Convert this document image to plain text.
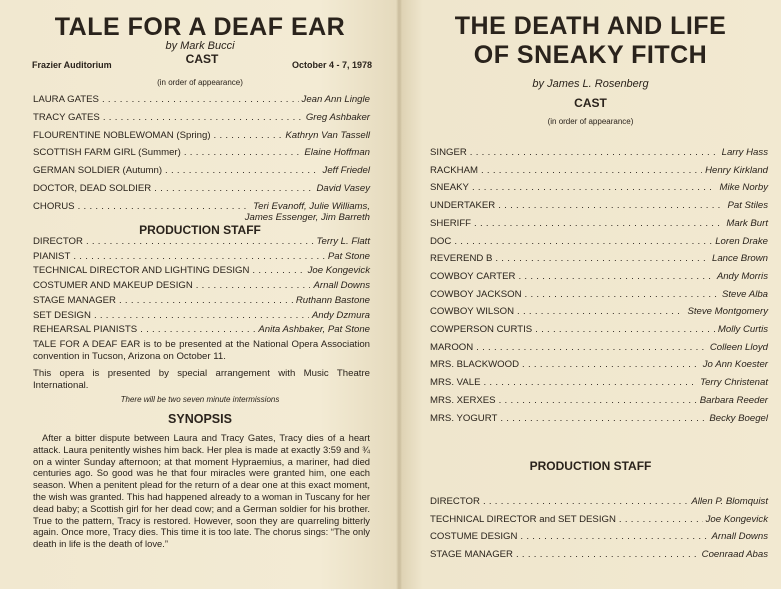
TALE FOR A DEAF EAR
by Mark Bucci
Frazier Auditorium	CAST	October 4 - 7, 1978
(in order of appearance)
LAURA GATES . . .	Jean Ann Lingle
TRACY GATES . . .	Greg Ashbaker
FLOURENTINE NOBLEWOMAN (Spring) . . .	Kathryn Van Tassell
SCOTTISH FARM GIRL (Summer) . . .	Elaine Hoffman
GERMAN SOLDIER (Autumn) . . .	Jeff Friedel
DOCTOR, DEAD SOLDIER . . .	David Vasey
CHORUS . . .	Teri Evanoff, Julie Williams,
James Essenger, Jim Barreth
PRODUCTION STAFF
DIRECTOR . . .	Terry L. Flatt
PIANIST . . .	Pat Stone
TECHNICAL DIRECTOR AND LIGHTING DESIGN . . .	Joe Kongevick
COSTUMER AND MAKEUP DESIGN . . .	Arnall Downs
STAGE MANAGER . . .	Ruthann Bastone
SET DESIGN . . .	Andy Dzmura
REHEARSAL PIANISTS . . .	Anita Ashbaker, Pat Stone
TALE FOR A DEAF EAR is to be presented at the National Opera Association convention in Tucson, Arizona on October 11.
This opera is presented by special arrangement with Music Theatre International.
There will be two seven minute intermissions
SYNOPSIS
After a bitter dispute between Laura and Tracy Gates, Tracy dies of a heart attack. Laura penitently wishes him back. Her plea is made at exactly 3:59 and ¾ on a winter Sunday afternoon; at that moment Hypraemius, a mariner, had died centuries ago. So good was he that four miracles were granted him, one each season. When a penitent plead for the return of a dear one at this exact moment, the wish was granted. This had happened already to a woman in Tuscany for her dead baby; a Scottish girl for her dead cow; and a German soldier for his brother. True to the pattern, Tracy is restored. However, soon they are quarreling bitterly again. Once more, Tracy dies. This time it is too late. The chorus sings: “The only death in life is the death of love.”
THE DEATH AND LIFE
OF SNEAKY FITCH
by James L. Rosenberg
CAST
(in order of appearance)
SINGER . . .	Larry Hass
RACKHAM . . .	Henry Kirkland
SNEAKY . . .	Mike Norby
UNDERTAKER . . .	Pat Stiles
SHERIFF . . .	Mark Burt
DOC . . .	Loren Drake
REVEREND B . . .	Lance Brown
COWBOY CARTER . . .	Andy Morris
COWBOY JACKSON . . .	Steve Alba
COWBOY WILSON . . .	Steve Montgomery
COWPERSON CURTIS . . .	Molly Curtis
MAROON . . .	Colleen Lloyd
MRS. BLACKWOOD . . .	Jo Ann Koester
MRS. VALE . . .	Terry Christenat
MRS. XERXES . . .	Barbara Reeder
MRS. YOGURT . . .	Becky Boegel
PRODUCTION STAFF
DIRECTOR . . .	Allen P. Blomquist
TECHNICAL DIRECTOR and SET DESIGN . . .	Joe Kongevick
COSTUME DESIGN . . .	Arnall Downs
STAGE MANAGER . . .	Coenraad Abas
